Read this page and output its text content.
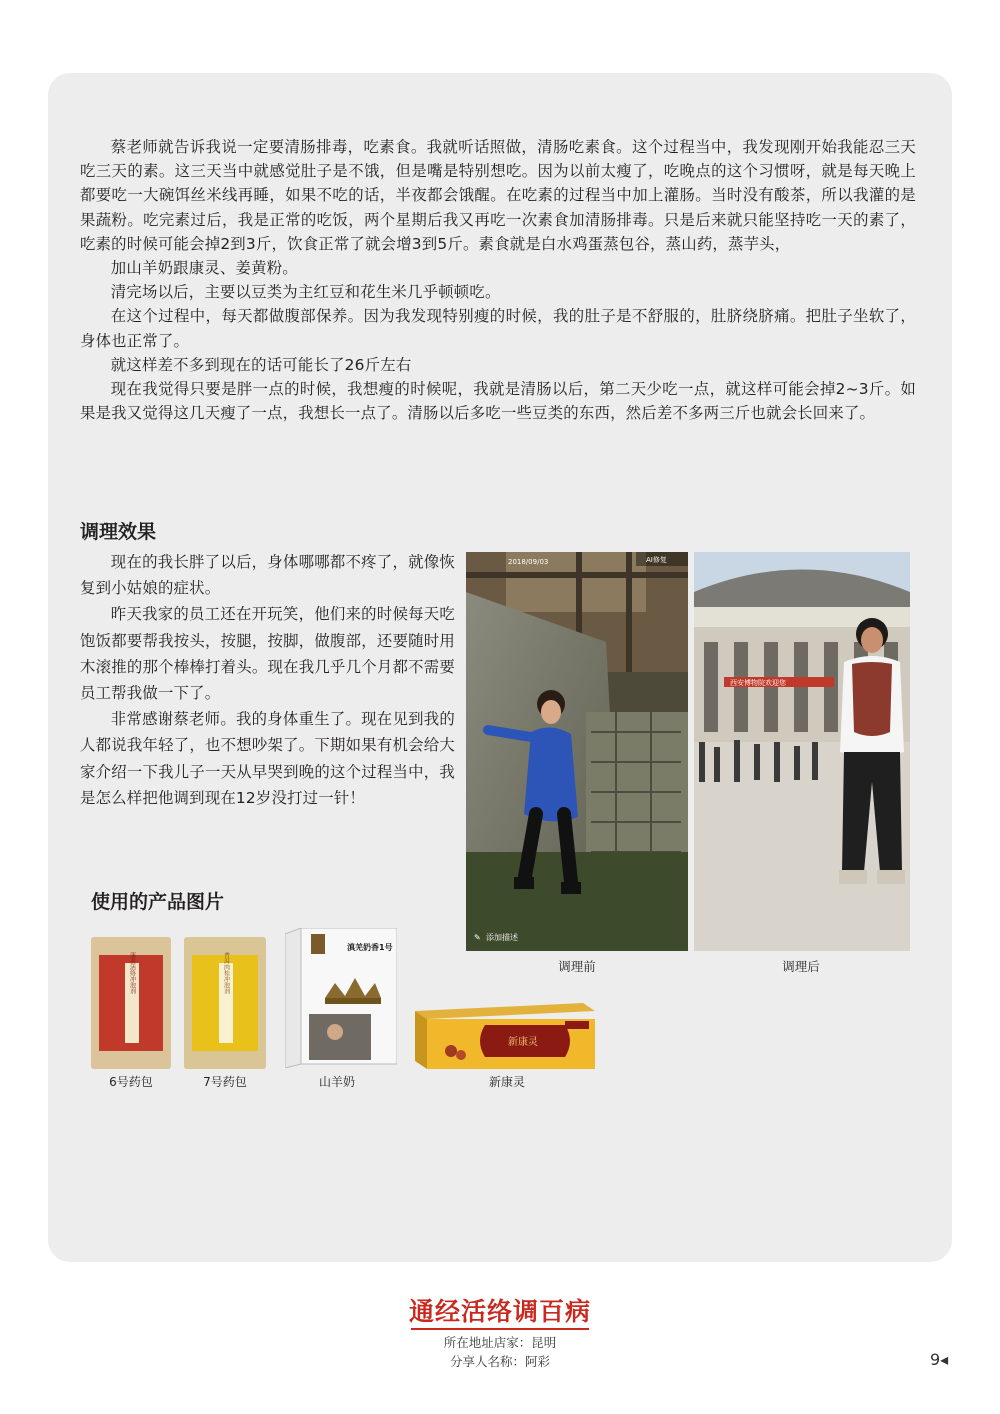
蔡老师就告诉我说一定要清肠排毒，吃素食。我就听话照做，清肠吃素食。这个过程当中，我发现刚开始我能忍三天吃三天的素。这三天当中就感觉肚子是不饿，但是嘴是特别想吃。因为以前太瘦了，吃晚点的这个习惯呀，就是每天晚上都要吃一大碗饵丝米线再睡，如果不吃的话，半夜都会饿醒。在吃素的过程当中加上灌肠。当时没有酸茶，所以我灌的是果蔬粉。吃完素过后，我是正常的吃饭，两个星期后我又再吃一次素食加清肠排毒。只是后来就只能坚持吃一天的素了，吃素的时候可能会掉2到3斤，饮食正常了就会增3到5斤。素食就是白水鸡蛋蒸包谷，蒸山药，蒸芋头，

加山羊奶跟康灵、姜黄粉。

清完场以后，主要以豆类为主红豆和花生米几乎顿顿吃。

在这个过程中，每天都做腹部保养。因为我发现特别瘦的时候，我的肚子是不舒服的，肚脐绕脐痛。把肚子坐软了，身体也正常了。

就这样差不多到现在的话可能长了26斤左右

现在我觉得只要是胖一点的时候，我想瘦的时候呢，我就是清肠以后，第二天少吃一点，就这样可能会掉2~3斤。如果是我又觉得这几天瘦了一点，我想长一点了。清肠以后多吃一些豆类的东西，然后差不多两三斤也就会长回来了。

调理效果

现在的我长胖了以后，身体哪哪都不疼了，就像恢复到小姑娘的症状。

昨天我家的员工还在开玩笑，他们来的时候每天吃饱饭都要帮我按头，按腿，按脚，做腹部，还要随时用木滚推的那个棒棒打着头。现在我几乎几个月都不需要员工帮我做一下了。

非常感谢蔡老师。我的身体重生了。现在见到我的人都说我年轻了，也不想吵架了。下期如果有机会给大家介绍一下我儿子一天从早哭到晚的这个过程当中，我是怎么样把他调到现在12岁没打过一针！

2018/09/03	AI修复
添加描述
✎
西安博物院欢迎您
调理前	调理后
使用的产品图片
蒲黄活络冲泡剂
6号药包
普洱肉桂冲泡剂
7号药包
滇羌奶香1号
山羊奶
新康灵
新康灵
通经活络调百病
所在地址店家：昆明
分享人名称：阿彩	9◂
